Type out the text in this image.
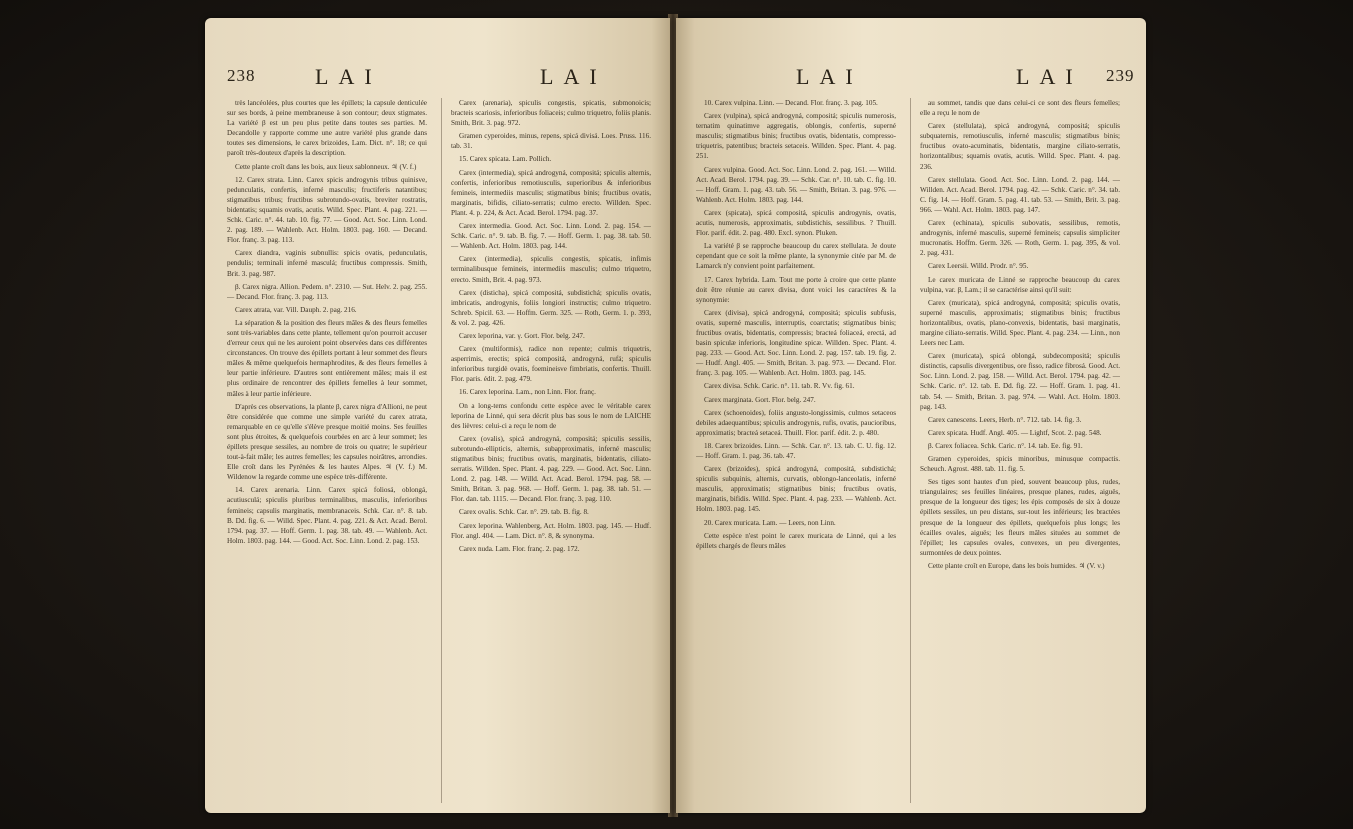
238	LAI	LAI

très lancéolées, plus courtes que les épillets; la capsule denticulée sur ses bords, à peine membraneuse à son contour; deux stigmates. La variété β est un peu plus petite dans toutes ses parties. M. Decandolle y rapporte comme une autre variété plus grande dans toutes ses dimensions, le carex brizoides, Lam. Dict. n°. 18; ce qui paroît très-douteux d'après la description.

Cette plante croît dans les bois, aux lieux sablonneux. ♃ (V. f.)

12. Carex strata. Linn. Carex spicis androgynis tribus quinisve, pedunculatis, confertis, inferné masculis; fructiferis natantibus; stigmatibus tribus; fructibus subrotundo-ovatis, breviter rostratis, bidentatis; squamis ovatis, acutis. Willd. Spec. Plant. 4. pag. 221. — Schk. Caric. n°. 44. tab. 10. fig. 77. — Good. Act. Soc. Linn. Lond. 2. pag. 189. — Wahlenb. Act. Holm. 1803. pag. 160. — Decand. Flor. franç. 3. pag. 113.

Carex diandra, vaginis subnullis: spicis ovatis, pedunculatis, pendulis; terminali inferné masculá; fructibus compressis. Smith, Brit. 3. pag. 987.

β. Carex nigra. Allion. Pedem. n°. 2310. — Sut. Helv. 2. pag. 255. — Decand. Flor. franç. 3. pag. 113.

Carex atrata, var. Vill. Dauph. 2. pag. 216.

La séparation & la position des fleurs mâles & des fleurs femelles sont très-variables dans cette plante, tellement qu'on pourroit accuser d'erreur ceux qui ne les auroient point observées dans ces différentes circonstances. On trouve des épillets portant à leur sommet des fleurs mâles & même quelquefois hermaphrodites, & des fleurs femelles à leur partie inférieure. D'autres sont entièrement mâles; mais il est plus ordinaire de rencontrer des épillets femelles à leur sommet, mâles à leur partie inférieure.

D'après ces observations, la plante β, carex nigra d'Allioni, ne peut être considérée que comme une simple variété du carex atrata, remarquable en ce qu'elle s'élève presque moitié moins. Ses feuilles sont plus étroites, & quelquefois courbées en arc à leur sommet; les épillets presque sessiles, au nombre de trois ou quatre; le supérieur tout-à-fait mâle; les autres femelles; les capsules noirâtres, arrondies. Elle croît dans les Pyrénées & les hautes Alpes. ♃ (V. f.) M. Wildenow la regarde comme une espèce très-différente.

14. Carex arenaria. Linn. Carex spicá foliosá, oblongá, acutiusculá; spiculis pluribus terminalibus, masculis, inferioribus femineis; capsulis marginatis, membranaceis. Schk. Car. n°. 8. tab. B. Dd. fig. 6. — Willd. Spec. Plant. 4. pag. 221. & Act. Acad. Berol. 1794. pag. 37. — Hoff. Germ. 1. pag. 38. tab. 49. — Wahlenb. Act. Holm. 1803. pag. 144. — Good. Act. Soc. Linn. Lond. 2. pag. 153.

Carex (arenaria), spiculis congestis, spicatis, submonoicis; bracteis scariosis, inferioribus foliaceis; culmo triquetro, foliis planis. Smith, Brit. 3. pag. 972.

Gramen cyperoides, minus, repens, spicá divisá. Loes. Pruss. 116. tab. 31.

15. Carex spicata. Lam. Pollich.

Carex (intermedia), spicá androgyná, compositá; spiculis alternis, confertis, inferioribus remotiusculis, superioribus & inferioribus femineis, intermediis masculis; stigmatibus binis; fructibus ovatis, marginatis, bifidis, ciliato-serratis; culmo erecto. Willden. Spec. Plant. 4. p. 224, & Act. Acad. Berol. 1794. pag. 37.

Carex intermedia. Good. Act. Soc. Linn. Lond. 2. pag. 154. — Schk. Caric. n°. 9. tab. B. fig. 7. — Hoff. Germ. 1. pag. 38. tab. 50. — Wahlenb. Act. Holm. 1803. pag. 144.

Carex (intermedia), spiculis congestis, spicatis, infimis terminalibusque femineis, intermediis masculis; culmo triquetro, erecto. Smith, Brit. 4. pag. 973.

Carex (disticha), spicá compositá, subdistichá; spiculis ovatis, imbricatis, androgynis, foliis longiori instructis; culmo triquetro. Schreb. Spicil. 63. — Hoffm. Germ. 325. — Roth, Germ. 1. p. 393, & vol. 2. pag. 426.

Carex leporina, var. γ. Gort. Flor. belg. 247.

Carex (multiformis), radice non repente; culmis triquetris, asperrimis, erectis; spicá compositá, androgyná, rufá; spiculis inferioribus turgidè ovatis, foemineisve fimbriatis, confertis. Thuill. Flor. paris. édit. 2. pag. 479.

16. Carex leporina. Lam., non Linn. Flor. franç.

On a long-tems confondu cette espèce avec le véritable carex leporina de Linné, qui sera décrit plus bas sous le nom de LAICHE des lièvres: celui-ci a reçu le nom de

Carex (ovalis), spicá androgyná, compositá; spiculis sessilis, subrotundo-ellipticis, alternis, subapproximatis, inferné masculis; stigmatibus binis; fructibus ovatis, marginatis, bidentatis, ciliato-serratis. Willden. Spec. Plant. 4. pag. 229. — Good. Act. Soc. Linn. Lond. 2. pag. 148. — Willd. Act. Acad. Berol. 1794. pag. 58. — Smith, Britan. 3. pag. 968. — Hoff. Germ. 1. pag. 38. tab. 51. — Flor. dan. tab. 1115. — Decand. Flor. franç. 3. pag. 110.

Carex ovalis. Schk. Car. n°. 29. tab. B. fig. 8.

Carex leporina. Wahlenberg, Act. Holm. 1803. pag. 145. — Hudf. Flor. angl. 404. — Lam. Dict. n°. 8, & synonyma.

Carex nuda. Lam. Flor. franç. 2. pag. 172.

LAI	LAI 239

10. Carex vulpina. Linn. — Decand. Flor. franç. 3. pag. 105.

Carex (vulpina), spicá androgyná, compositá; spiculis numerosis, ternatim quinatimve aggregatis, oblongis, confertis, superné masculis; stigmatibus binis; fructibus ovatis, bidentatis, compresso-triquetris, patentibus; bracteis setaceis. Willden. Spec. Plant. 4. pag. 251.

Carex vulpina. Good. Act. Soc. Linn. Lond. 2. pag. 161. — Willd. Act. Acad. Berol. 1794. pag. 39. — Schk. Car. n°. 10. tab. C. fig. 10. — Hoff. Gram. 1. pag. 43. tab. 56. — Smith, Britan. 3. pag. 976. — Wahlenb. Act. Holm. 1803. pag. 144.

Carex (spicata), spicá compositá, spiculis androgynis, ovatis, acutis, numerosis, approximatis, subdistichis, sessilibus. ? Thuill. Flor. parif. édit. 2. pag. 480. Excl. synon. Pluken.

La variété β se rapproche beaucoup du carex stellulata. Je doute cependant que ce soit la même plante, la synonymie citée par M. de Lamarck n'y convient point parfaitement.

17. Carex hybrida. Lam. Tout me porte à croire que cette plante doit être réunie au carex divisa, dont voici les caractères & la synonymie:

Carex (divisa), spicá androgyná, compositá; spiculis subfusis, ovatis, superné masculis, interruptis, coarctatis; stigmatibus binis; fructibus ovatis, bidentatis, compressis; bracteá foliaceá, erectá, ad basin spiculæ inferioris, longitudine spicæ. Willden. Spec. Plant. 4. pag. 233. — Good. Act. Soc. Linn. Lond. 2. pag. 157. tab. 19. fig. 2. — Hudf. Angl. 405. — Smith, Britan. 3. pag. 973. — Decand. Flor. franç. 3. pag. 105. — Wahlenb. Act. Holm. 1803. pag. 145.

Carex divisa. Schk. Caric. n°. 11. tab. R. Vv. fig. 61.

Carex marginata. Gort. Flor. belg. 247.

Carex (schoenoides), foliis angusto-longissimis, culmos setaceos debiles adaequantibus; spiculis androgynis, rufis, ovatis, paucioribus, approximatis; bracteá setaceá. Thuill. Flor. parif. édit. 2. p. 480.

18. Carex brizoides. Linn. — Schk. Car. n°. 13. tab. C. U. fig. 12. — Hoff. Gram. 1. pag. 36. tab. 47.

Carex (brizoides), spicá androgyná, compositá, subdistichá; spiculis subquinis, alternis, curvatis, oblongo-lanceolatis, inferné masculis, approximatis; stigmatibus binis; fructibus ovatis, marginatis, bifidis. Willd. Spec. Plant. 4. pag. 233. — Wahlenb. Act. Holm. 1803. pag. 145.

20. Carex muricata. Lam. — Leers, non Linn.

Cette espèce n'est point le carex muricata de Linné, qui a les épillets chargés de fleurs mâles

au sommet, tandis que dans celui-ci ce sont des fleurs femelles; elle a reçu le nom de

Carex (stellulata), spicá androgyná, compositá; spiculis subquaternis, remotiusculis, inferné masculis; stigmatibus binis; fructibus ovato-acuminatis, bidentatis, margine ciliato-serratis, horizontalibus; squamis ovatis, acutis. Willd. Spec. Plant. 4. pag. 236.

Carex stellulata. Good. Act. Soc. Linn. Lond. 2. pag. 144. — Willden. Act. Acad. Berol. 1794. pag. 42. — Schk. Caric. n°. 34. tab. C. fig. 14. — Hoff. Gram. 5. pag. 41. tab. 53. — Smith, Brit. 3. pag. 966. — Wahl. Act. Holm. 1803. pag. 147.

Carex (echinata), spiculis subovatis, sessilibus, remotis, androgynis, inferné masculis, superné femineis; capsulis simpliciter mucronatis. Hoffm. Germ. 326. — Roth, Germ. 1. pag. 395, & vol. 2. pag. 431.

Carex Leersii. Willd. Prodr. n°. 95.

Le carex muricata de Linné se rapproche beaucoup du carex vulpina, var. β, Lam.; il se caractérise ainsi qu'il suit:

Carex (muricata), spicá androgyná, compositá; spiculis ovatis, superné masculis, approximatis; stigmatibus binis; fructibus horizontalibus, ovatis, plano-convexis, bidentatis, basi marginatis, margine ciliato-serratis. Willd. Spec. Plant. 4. pag. 234. — Linn., non Leers nec Lam.

Carex (muricata), spicá oblongá, subdecompositá; spiculis distinctis, capsulis divergentibus, ore fisso, radice fibrosá. Good. Act. Soc. Linn. Lond. 2. pag. 158. — Willd. Act. Berol. 1794. pag. 42. — Schk. Caric. n°. 12. tab. E. Dd. fig. 22. — Hoff. Gram. 1. pag. 41. tab. 54. — Smith, Britan. 3. pag. 974. — Wahl. Act. Holm. 1803. pag. 143.

Carex canescens. Leers, Herb. n°. 712. tab. 14. fig. 3.

Carex spicata. Hudf. Angl. 405. — Lightf, Scot. 2. pag. 548.

β. Carex foliacea. Schk. Caric. n°. 14. tab. Ee. fig. 91.

Gramen cyperoides, spicis minoribus, minusque compactis. Scheuch. Agrost. 488. tab. 11. fig. 5.

Ses tiges sont hautes d'un pied, souvent beaucoup plus, rudes, triangulaires; ses feuilles linéaires, presque planes, rudes, aiguës, presque de la longueur des tiges; les épis composés de six à douze épillets sessiles, un peu distans, sur-tout les inférieurs; les bractées presque de la longueur des épillets, quelquefois plus longs; les écailles ovales, aiguës; les fleurs mâles situées au sommet de l'épillet; les capsules ovales, convexes, un peu divergentes, surmontées de deux pointes.

Cette plante croît en Europe, dans les bois humides. ♃ (V. v.)
